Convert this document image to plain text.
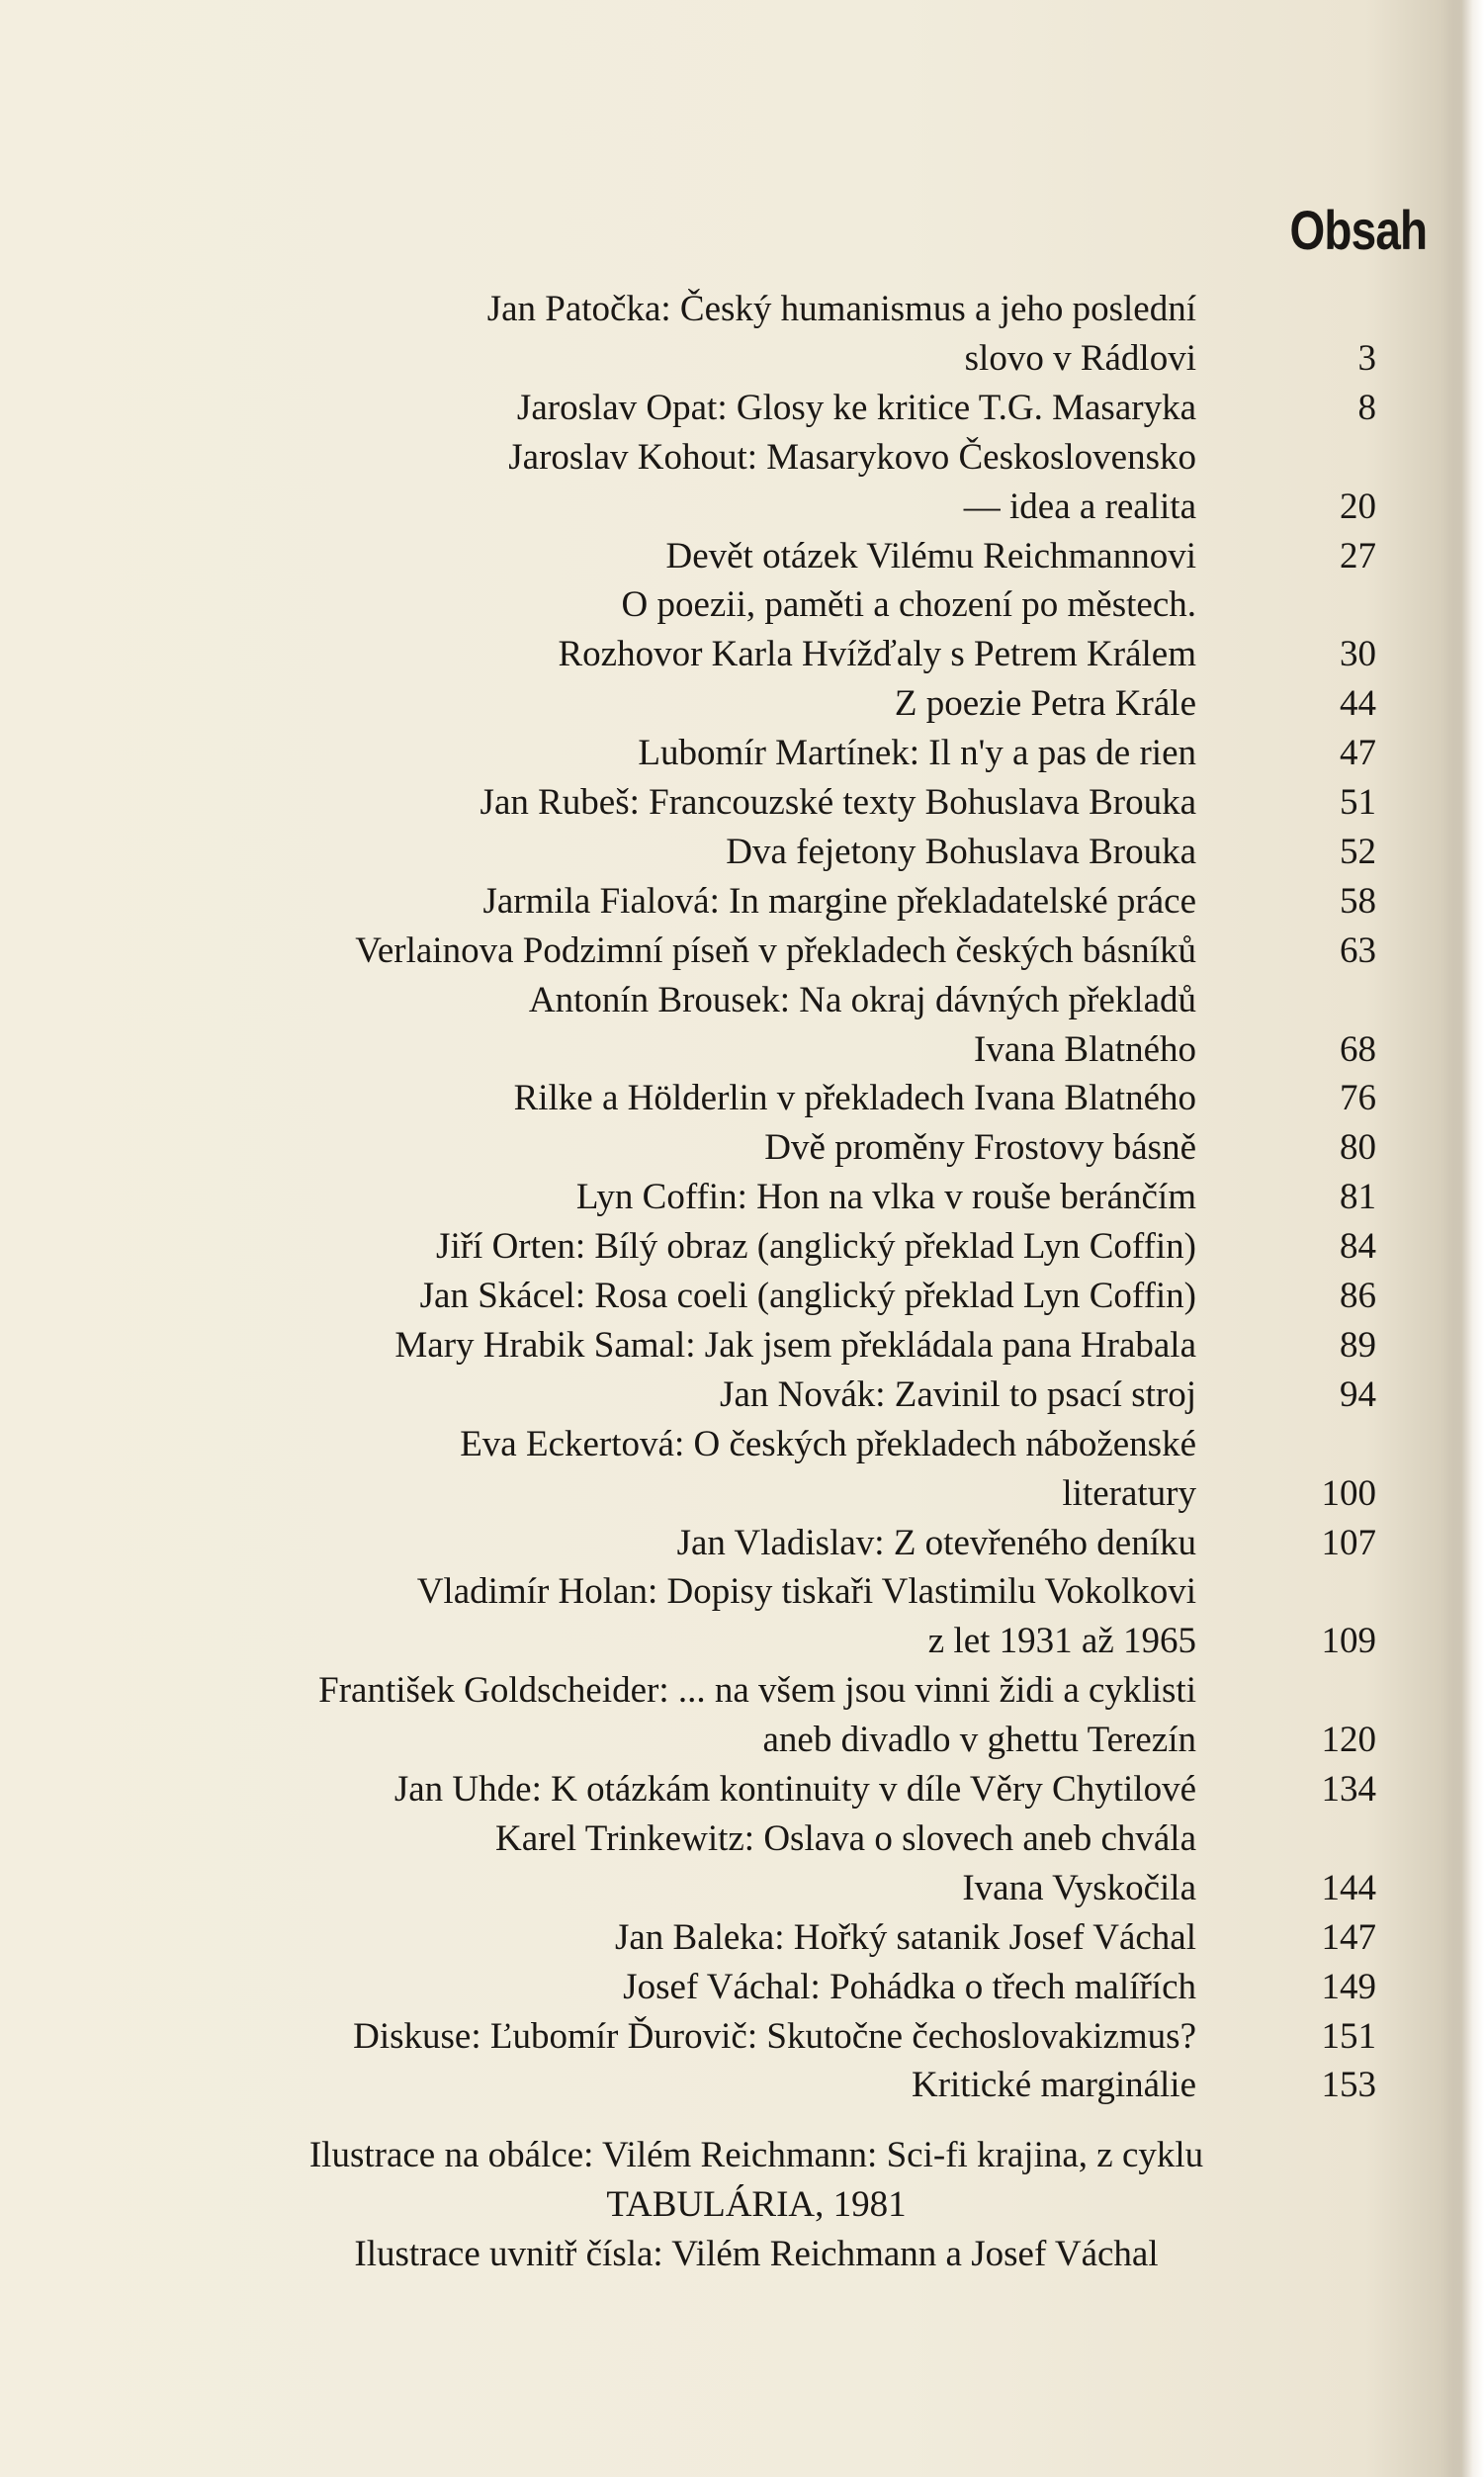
Obsah
Jan Patočka: Český humanismus a jeho poslední
slovo v Rádlovi	3
Jaroslav Opat: Glosy ke kritice T.G. Masaryka	8
Jaroslav Kohout: Masarykovo Československo
— idea a realita	20
Devět otázek Vilému Reichmannovi	27
O poezii, paměti a chození po městech.
Rozhovor Karla Hvížďaly s Petrem Králem	30
Z poezie Petra Krále	44
Lubomír Martínek: Il n'y a pas de rien	47
Jan Rubeš: Francouzské texty Bohuslava Brouka	51
Dva fejetony Bohuslava Brouka	52
Jarmila Fialová: In margine překladatelské práce	58
Verlainova Podzimní píseň v překladech českých básníků	63
Antonín Brousek: Na okraj dávných překladů
Ivana Blatného	68
Rilke a Hölderlin v překladech Ivana Blatného	76
Dvě proměny Frostovy básně	80
Lyn Coffin: Hon na vlka v rouše beránčím	81
Jiří Orten: Bílý obraz (anglický překlad Lyn Coffin)	84
Jan Skácel: Rosa coeli (anglický překlad Lyn Coffin)	86
Mary Hrabik Samal: Jak jsem překládala pana Hrabala	89
Jan Novák: Zavinil to psací stroj	94
Eva Eckertová: O českých překladech náboženské
literatury	100
Jan Vladislav: Z otevřeného deníku	107
Vladimír Holan: Dopisy tiskaři Vlastimilu Vokolkovi
z let 1931 až 1965	109
František Goldscheider: ... na všem jsou vinni židi a cyklisti
aneb divadlo v ghettu Terezín	120
Jan Uhde: K otázkám kontinuity v díle Věry Chytilové	134
Karel Trinkewitz: Oslava o slovech aneb chvála
Ivana Vyskočila	144
Jan Baleka: Hořký satanik Josef Váchal	147
Josef Váchal: Pohádka o třech malířích	149
Diskuse: Ľubomír Ďurovič: Skutočne čechoslovakizmus?	151
Kritické marginálie	153
Ilustrace na obálce: Vilém Reichmann: Sci-fi krajina, z cyklu
TABULÁRIA, 1981
Ilustrace uvnitř čísla: Vilém Reichmann a Josef Váchal
